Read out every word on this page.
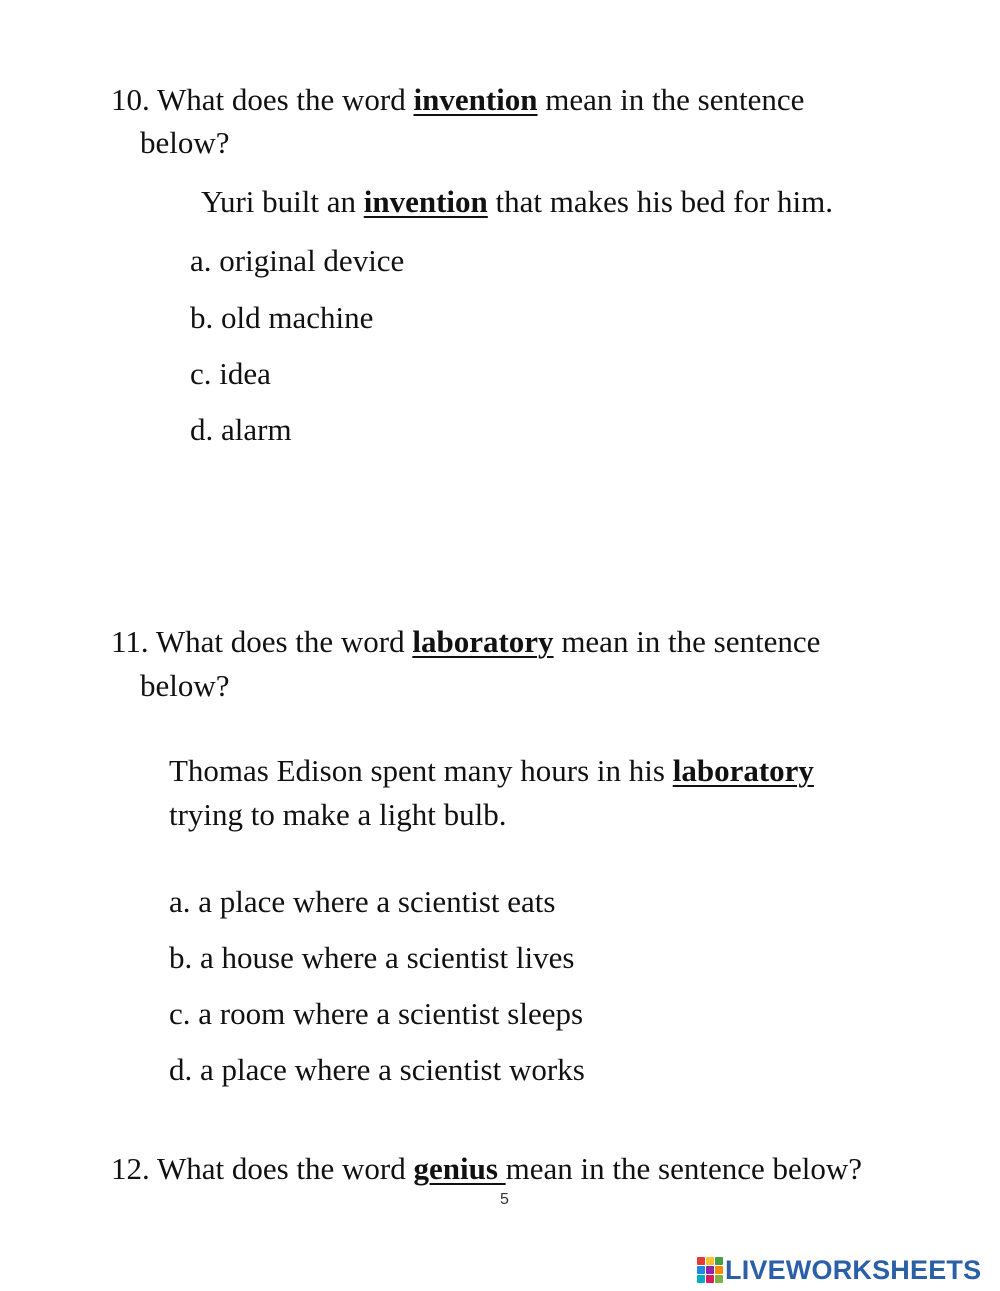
10. What does the word invention mean in the sentence
below?
Yuri built an invention that makes his bed for him.
a. original device
b. old machine
c. idea
d. alarm
11. What does the word laboratory mean in the sentence
below?
Thomas Edison spent many hours in his laboratory
trying to make a light bulb.
a. a place where a scientist eats
b. a house where a scientist lives
c. a room where a scientist sleeps
d. a place where a scientist works
12. What does the word genius mean in the sentence below?
5
LIVEWORKSHEETS
